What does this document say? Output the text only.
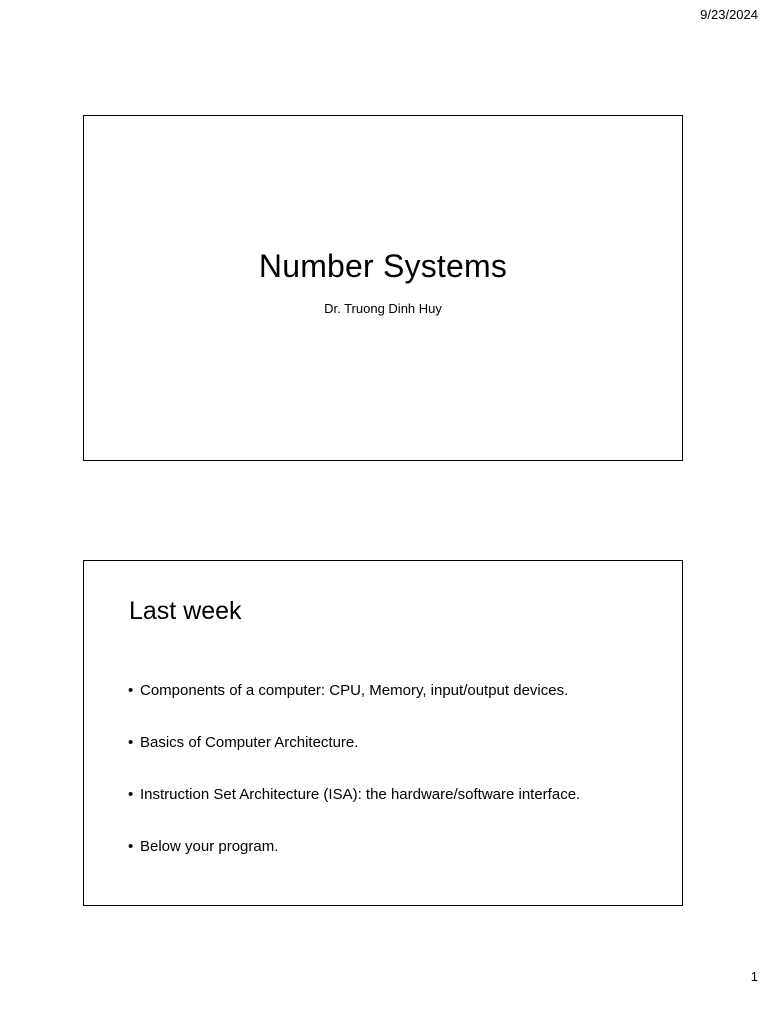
9/23/2024
Number Systems

Dr. Truong Dinh Huy

Last week
• Components of a computer: CPU, Memory, input/output devices.
• Basics of Computer Architecture.
• Instruction Set Architecture (ISA): the hardware/software interface.
• Below your program.
1
